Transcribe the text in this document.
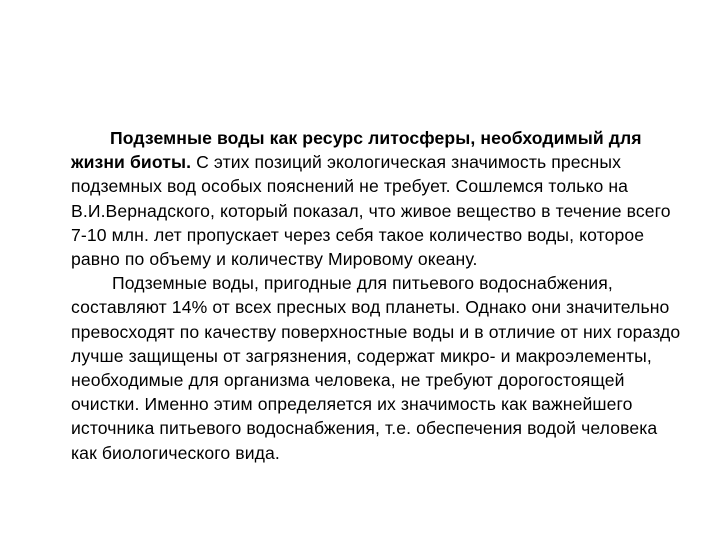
Подземные воды как ресурс литосферы, необходимый для жизни биоты. С этих позиций экологическая значимость пресных подземных вод особых пояснений не требует. Сошлемся только на В.И.Вернадского, который показал, что живое вещество в течение всего 7-10 млн. лет пропускает через себя такое количество воды, которое равно по объему и количеству Мировому океану.

Подземные воды, пригодные для питьевого водоснабжения, составляют 14% от всех пресных вод планеты. Однако они значительно превосходят по качеству поверхностные воды и в отличие от них гораздо лучше защищены от загрязнения, содержат микро- и макроэлементы, необходимые для организма человека, не требуют дорогостоящей очистки. Именно этим определяется их значимость как важнейшего источника питьевого водоснабжения, т.е. обеспечения водой человека как биологического вида.
